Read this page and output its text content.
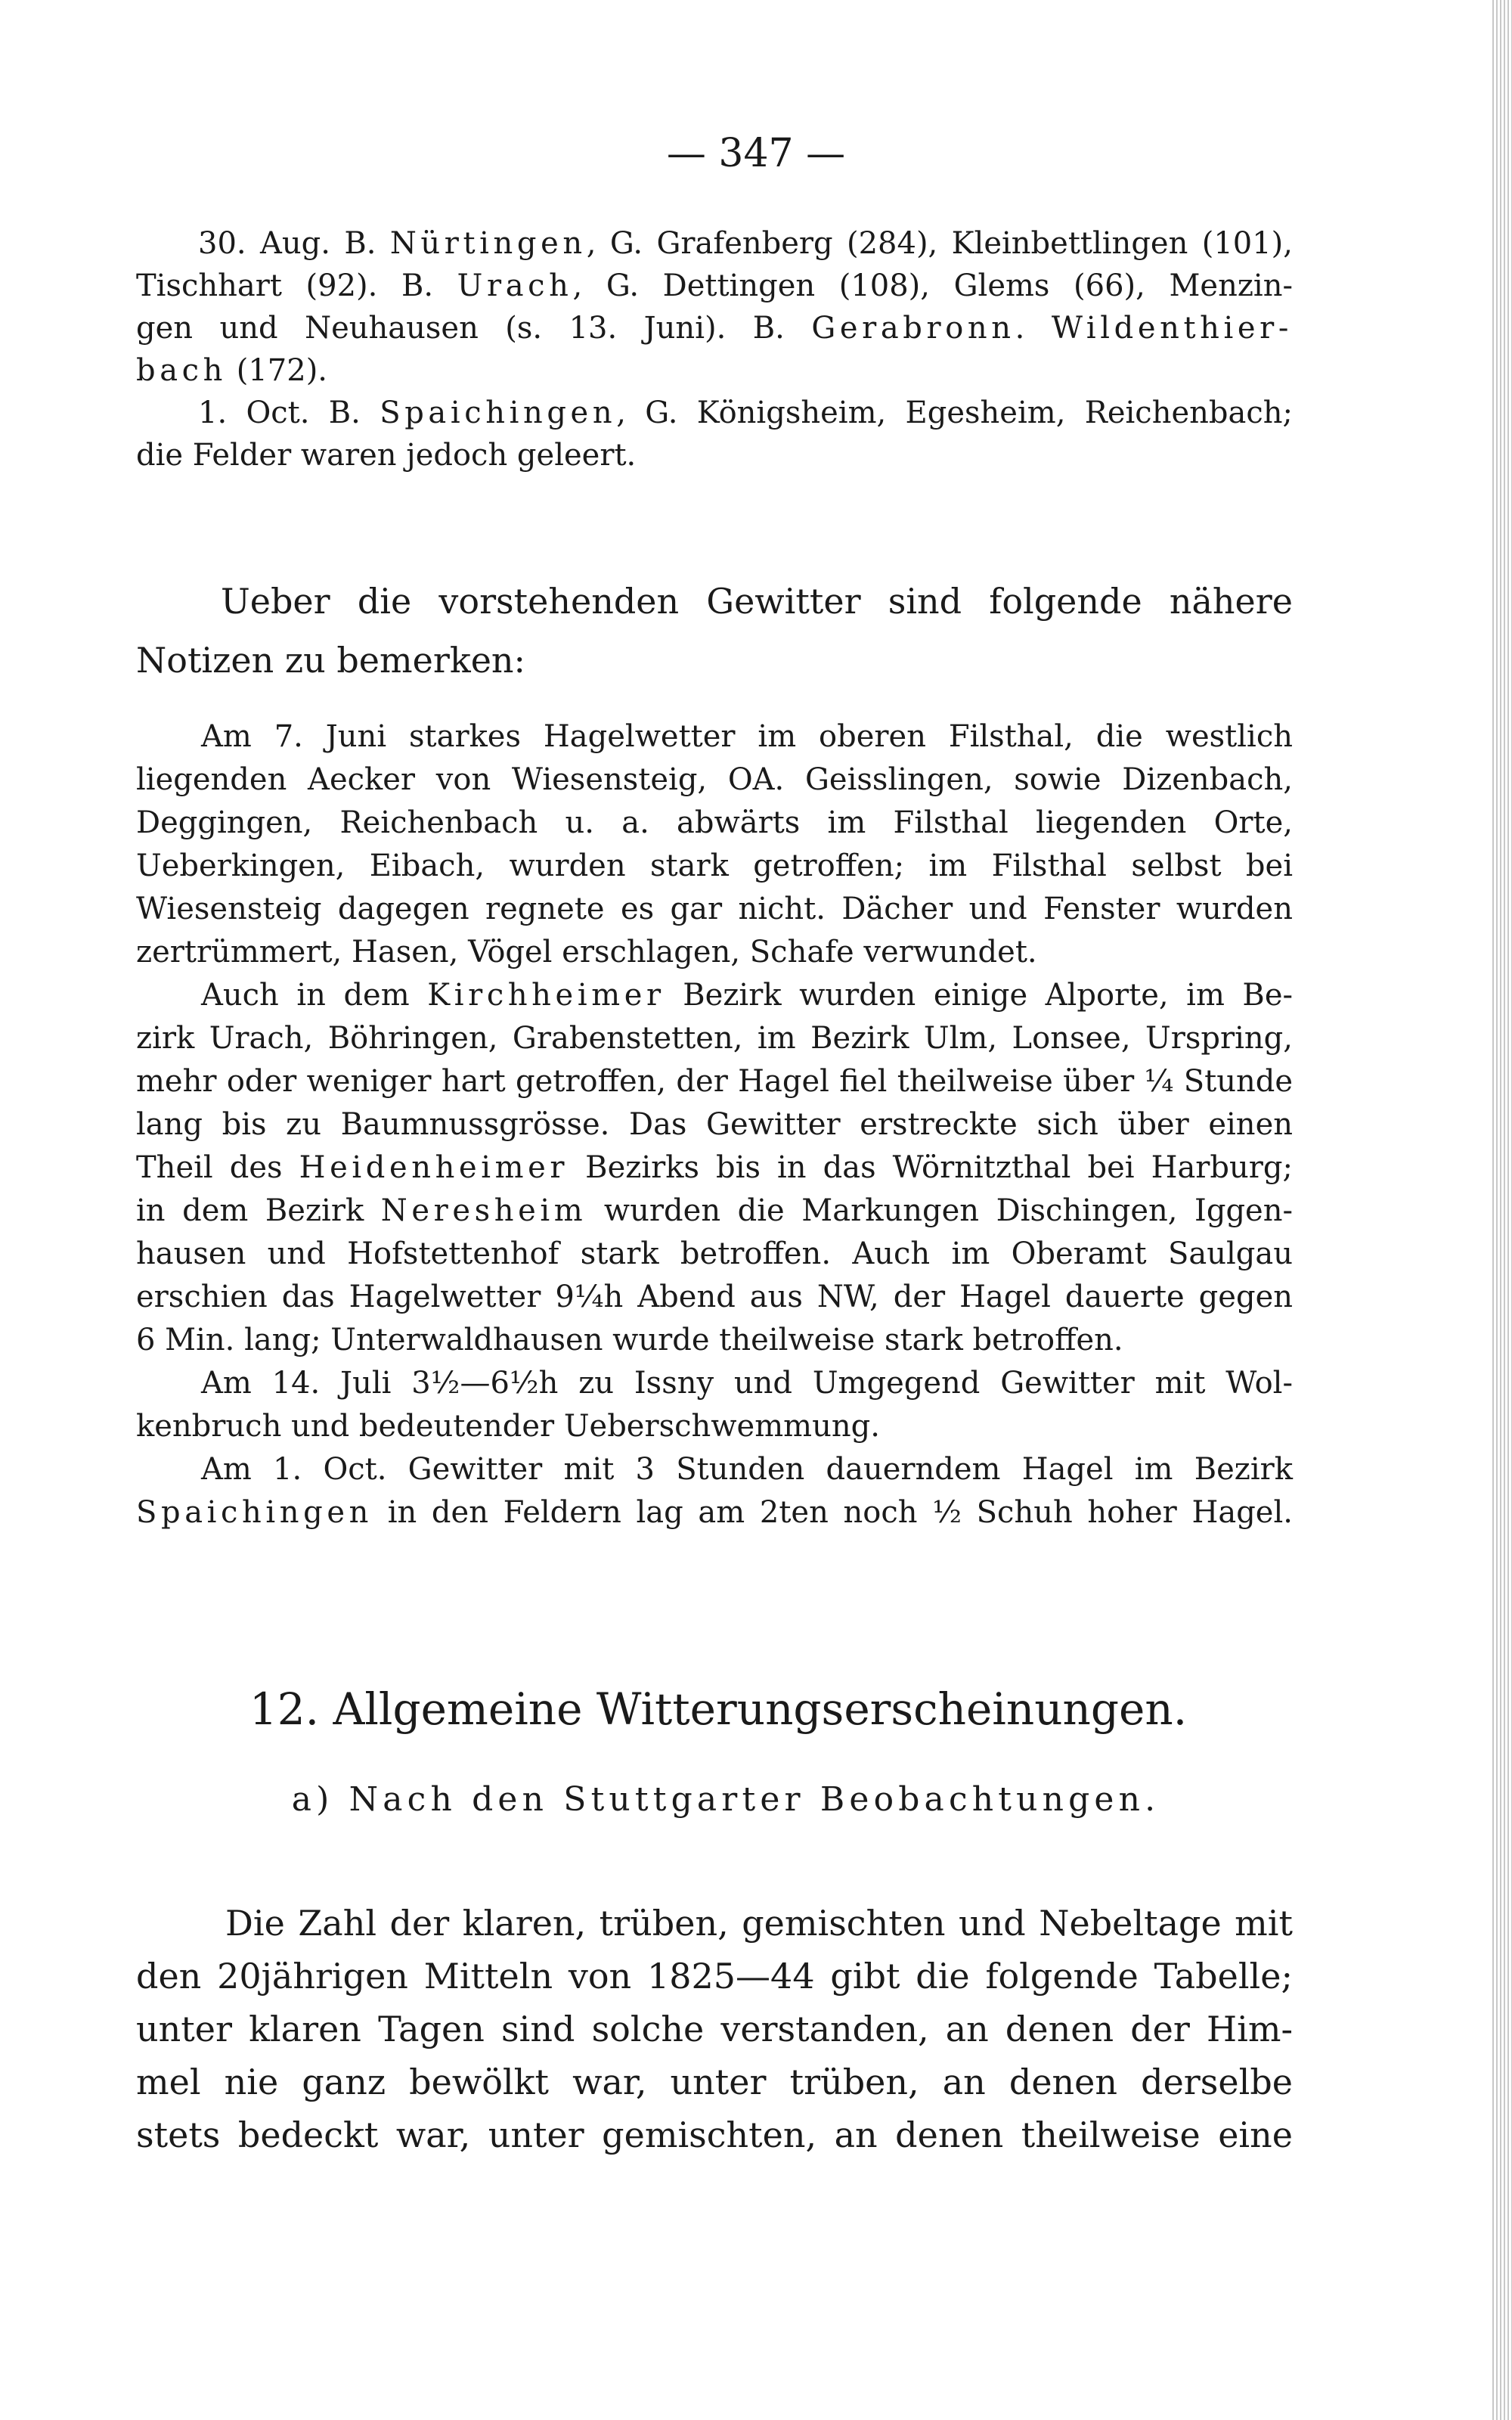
— 347 —

30. Aug. B. Nürtingen, G. Grafenberg (284), Kleinbettlingen (101),

Tischhart (92). B. Urach, G. Dettingen (108), Glems (66), Menzin-

gen und Neuhausen (s. 13. Juni). B. Gerabronn. Wildenthier-

bach (172).

1. Oct. B. Spaichingen, G. Königsheim, Egesheim, Reichenbach;

die Felder waren jedoch geleert.

Ueber die vorstehenden Gewitter sind folgende nähere

Notizen zu bemerken:

Am 7. Juni starkes Hagelwetter im oberen Filsthal, die westlich

liegenden Aecker von Wiesensteig, OA. Geisslingen, sowie Dizenbach,

Deggingen, Reichenbach u. a. abwärts im Filsthal liegenden Orte,

Ueberkingen, Eibach, wurden stark getroffen; im Filsthal selbst bei

Wiesensteig dagegen regnete es gar nicht. Dächer und Fenster wurden

zertrümmert, Hasen, Vögel erschlagen, Schafe verwundet.

Auch in dem Kirchheimer Bezirk wurden einige Alporte, im Be-

zirk Urach, Böhringen, Grabenstetten, im Bezirk Ulm, Lonsee, Urspring,

mehr oder weniger hart getroffen, der Hagel fiel theilweise über ¼ Stunde

lang bis zu Baumnussgrösse. Das Gewitter erstreckte sich über einen

Theil des Heidenheimer Bezirks bis in das Wörnitzthal bei Harburg;

in dem Bezirk Neresheim wurden die Markungen Dischingen, Iggen-

hausen und Hofstettenhof stark betroffen. Auch im Oberamt Saulgau

erschien das Hagelwetter 9¼h Abend aus NW, der Hagel dauerte gegen

6 Min. lang; Unterwaldhausen wurde theilweise stark betroffen.

Am 14. Juli 3½—6½h zu Issny und Umgegend Gewitter mit Wol-

kenbruch und bedeutender Ueberschwemmung.

Am 1. Oct. Gewitter mit 3 Stunden dauerndem Hagel im Bezirk

Spaichingen in den Feldern lag am 2ten noch ½ Schuh hoher Hagel.

12. Allgemeine Witterungserscheinungen.
a) Nach den Stuttgarter Beobachtungen.

Die Zahl der klaren, trüben, gemischten und Nebeltage mit

den 20jährigen Mitteln von 1825—44 gibt die folgende Tabelle;

unter klaren Tagen sind solche verstanden, an denen der Him-

mel nie ganz bewölkt war, unter trüben, an denen derselbe

stets bedeckt war, unter gemischten, an denen theilweise eine
